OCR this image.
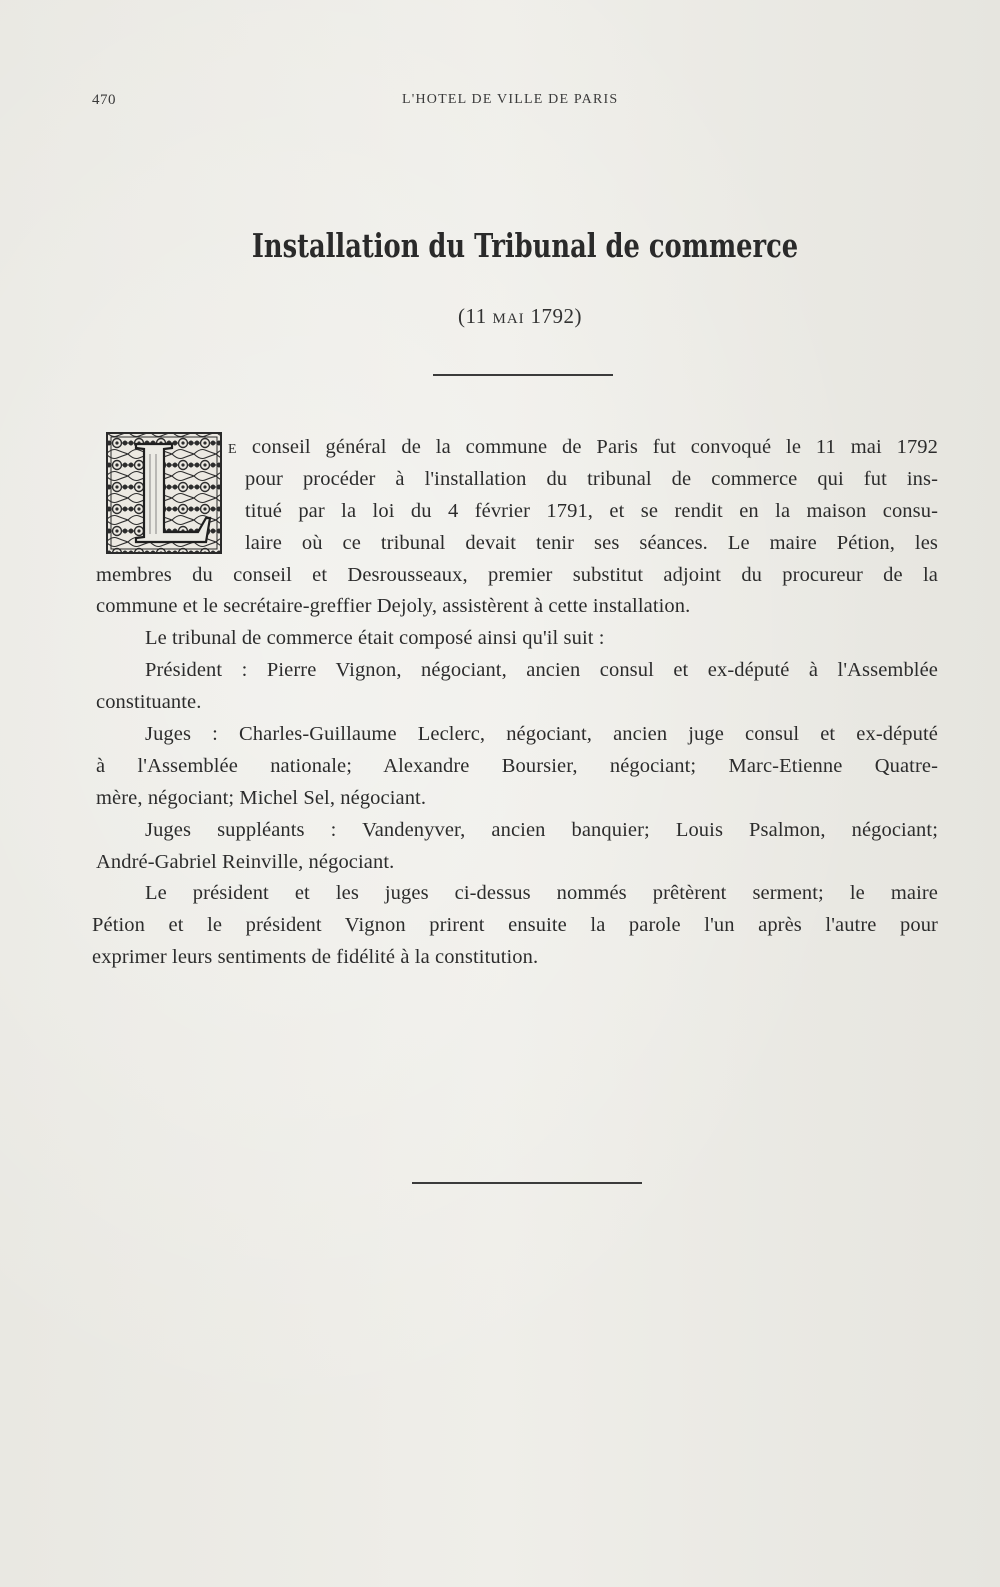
470	L'HOTEL DE VILLE DE PARIS
Installation du Tribunal de commerce
(11 MAI 1792)
E conseil général de la commune de Paris fut convoqué le 11 mai 1792
pour procéder à l'installation du tribunal de commerce qui fut ins-
titué par la loi du 4 février 1791, et se rendit en la maison consu-
laire où ce tribunal devait tenir ses séances. Le maire Pétion, les
membres du conseil et Desrousseaux, premier substitut adjoint du procureur de la
commune et le secrétaire-greffier Dejoly, assistèrent à cette installation.
Le tribunal de commerce était composé ainsi qu'il suit :
Président : Pierre Vignon, négociant, ancien consul et ex-député à l'Assemblée
constituante.
Juges : Charles-Guillaume Leclerc, négociant, ancien juge consul et ex-député
à l'Assemblée nationale; Alexandre Boursier, négociant; Marc-Etienne Quatre-
mère, négociant; Michel Sel, négociant.
Juges suppléants : Vandenyver, ancien banquier; Louis Psalmon, négociant;
André-Gabriel Reinville, négociant.
Le président et les juges ci-dessus nommés prêtèrent serment; le maire
Pétion et le président Vignon prirent ensuite la parole l'un après l'autre pour
exprimer leurs sentiments de fidélité à la constitution.
